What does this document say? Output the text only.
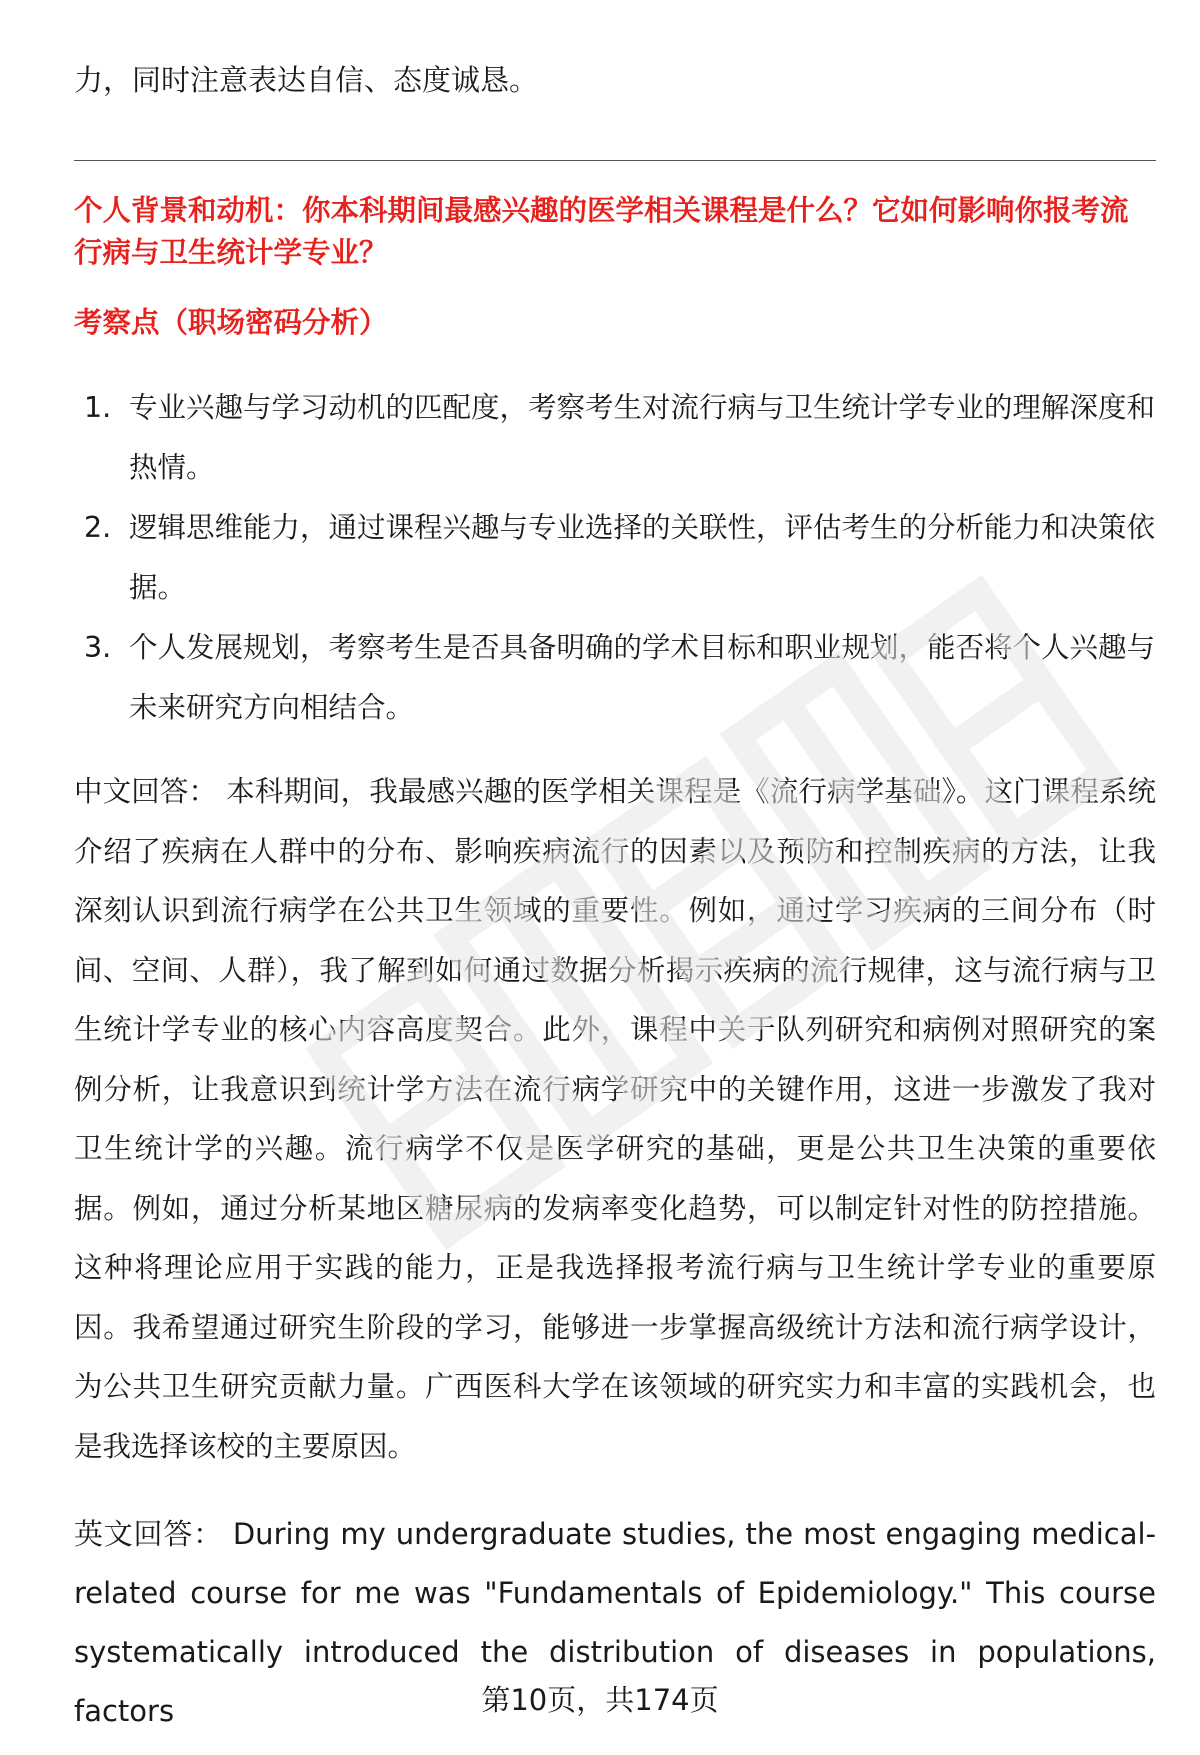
力，同时注意表达自信、态度诚恳。
个人背景和动机：你本科期间最感兴趣的医学相关课程是什么？它如何影响你报考流行病与卫生统计学专业？
考察点（职场密码分析）
1. 专业兴趣与学习动机的匹配度，考察考生对流行病与卫生统计学专业的理解深度和热情。
2. 逻辑思维能力，通过课程兴趣与专业选择的关联性，评估考生的分析能力和决策依据。
3. 个人发展规划，考察考生是否具备明确的学术目标和职业规划，能否将个人兴趣与未来研究方向相结合。

中文回答： 本科期间，我最感兴趣的医学相关课程是《流行病学基础》。这门课程系统介绍了疾病在人群中的分布、影响疾病流行的因素以及预防和控制疾病的方法，让我深刻认识到流行病学在公共卫生领域的重要性。例如，通过学习疾病的三间分布（时间、空间、人群），我了解到如何通过数据分析揭示疾病的流行规律，这与流行病与卫生统计学专业的核心内容高度契合。此外，课程中关于队列研究和病例对照研究的案例分析，让我意识到统计学方法在流行病学研究中的关键作用，这进一步激发了我对卫生统计学的兴趣。流行病学不仅是医学研究的基础，更是公共卫生决策的重要依据。例如，通过分析某地区糖尿病的发病率变化趋势，可以制定针对性的防控措施。这种将理论应用于实践的能力，正是我选择报考流行病与卫生统计学专业的重要原因。我希望通过研究生阶段的学习，能够进一步掌握高级统计方法和流行病学设计，为公共卫生研究贡献力量。广西医科大学在该领域的研究实力和丰富的实践机会，也是我选择该校的主要原因。

英文回答： During my undergraduate studies, the most engaging medical-related course for me was "Fundamentals of Epidemiology." This course systematically introduced the distribution of diseases in populations, factors	第10页，共174页
